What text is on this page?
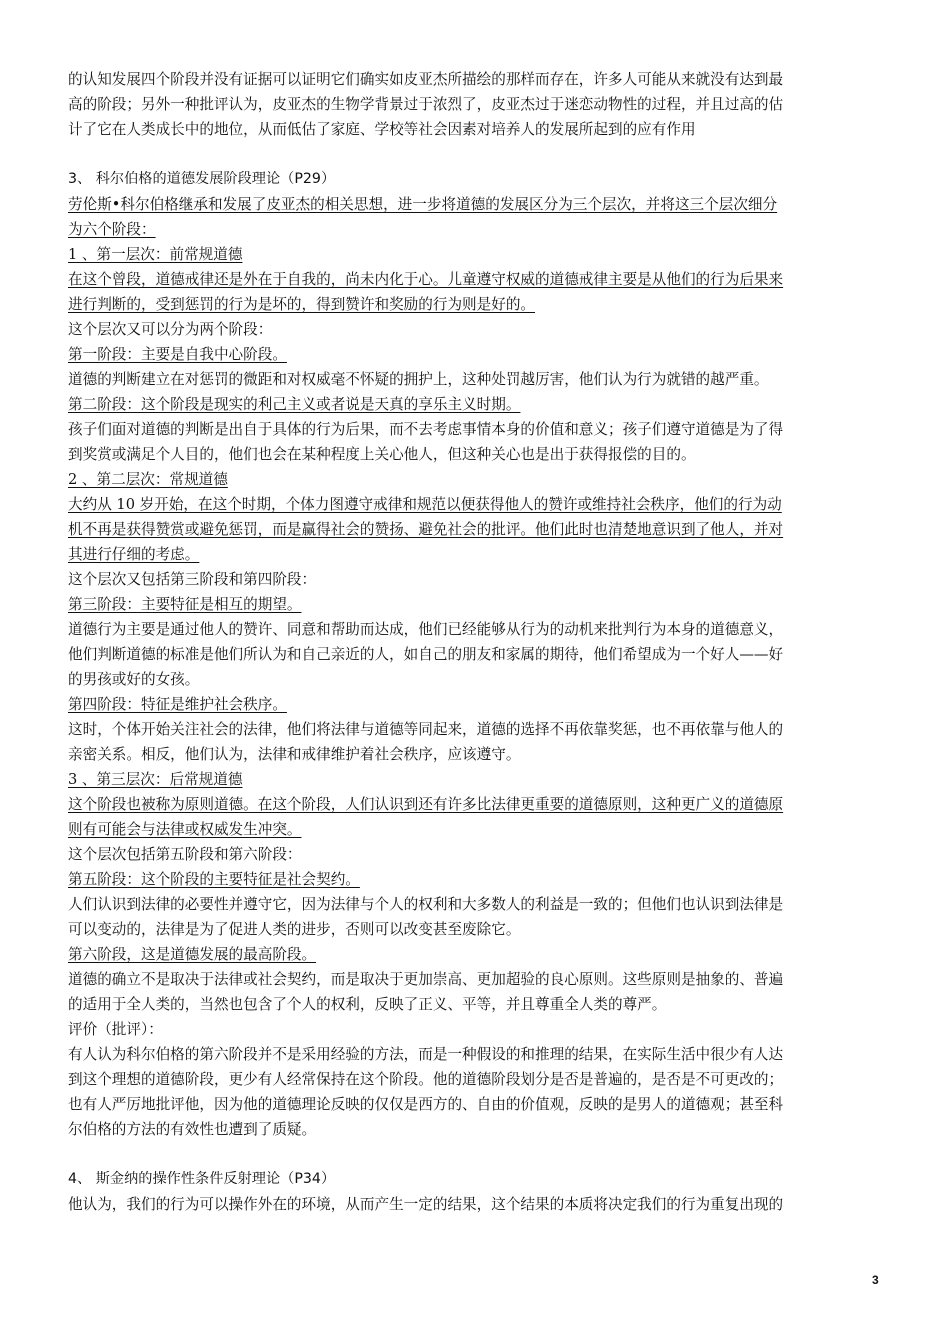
的认知发展四个阶段并没有证据可以证明它们确实如皮亚杰所描绘的那样而存在，许多人可能从来就没有达到最
高的阶段；另外一种批评认为，皮亚杰的生物学背景过于浓烈了，皮亚杰过于迷恋动物性的过程，并且过高的估
计了它在人类成长中的地位，从而低估了家庭、学校等社会因素对培养人的发展所起到的应有作用

3、 科尔伯格的道德发展阶段理论（P29）

劳伦斯•科尔伯格继承和发展了皮亚杰的相关思想，进一步将道德的发展区分为三个层次，并将这三个层次细分
为六个阶段：

1 、第一层次：前常规道德

在这个曾段，道德戒律还是外在于自我的，尚未内化于心。儿童遵守权威的道德戒律主要是从他们的行为后果来
进行判断的，受到惩罚的行为是坏的，得到赞许和奖励的行为则是好的。

这个层次又可以分为两个阶段：

第一阶段：主要是自我中心阶段。

道德的判断建立在对惩罚的微距和对权威毫不怀疑的拥护上，这种处罚越厉害，他们认为行为就错的越严重。

第二阶段：这个阶段是现实的利己主义或者说是天真的享乐主义时期。

孩子们面对道德的判断是出自于具体的行为后果，而不去考虑事情本身的价值和意义；孩子们遵守道德是为了得
到奖赏或满足个人目的，他们也会在某种程度上关心他人，但这种关心也是出于获得报偿的目的。

2 、第二层次：常规道德

大约从 10 岁开始，在这个时期，个体力图遵守戒律和规范以便获得他人的赞许或维持社会秩序，他们的行为动
机不再是获得赞赏或避免惩罚，而是赢得社会的赞扬、避免社会的批评。他们此时也清楚地意识到了他人，并对
其进行仔细的考虑。

这个层次又包括第三阶段和第四阶段：

第三阶段：主要特征是相互的期望。

道德行为主要是通过他人的赞许、同意和帮助而达成，他们已经能够从行为的动机来批判行为本身的道德意义，
他们判断道德的标准是他们所认为和自己亲近的人，如自己的朋友和家属的期待，他们希望成为一个好人——好
的男孩或好的女孩。

第四阶段：特征是维护社会秩序。

这时，个体开始关注社会的法律，他们将法律与道德等同起来，道德的选择不再依靠奖惩，也不再依靠与他人的
亲密关系。相反，他们认为，法律和戒律维护着社会秩序，应该遵守。

3 、第三层次：后常规道德

这个阶段也被称为原则道德。在这个阶段，人们认识到还有许多比法律更重要的道德原则，这种更广义的道德原
则有可能会与法律或权威发生冲突。

这个层次包括第五阶段和第六阶段：

第五阶段：这个阶段的主要特征是社会契约。

人们认识到法律的必要性并遵守它，因为法律与个人的权利和大多数人的利益是一致的；但他们也认识到法律是
可以变动的，法律是为了促进人类的进步，否则可以改变甚至废除它。

第六阶段，这是道德发展的最高阶段。

道德的确立不是取决于法律或社会契约，而是取决于更加崇高、更加超验的良心原则。这些原则是抽象的、普遍
的适用于全人类的，当然也包含了个人的权利，反映了正义、平等，并且尊重全人类的尊严。

评价（批评）：

有人认为科尔伯格的第六阶段并不是采用经验的方法，而是一种假设的和推理的结果，在实际生活中很少有人达
到这个理想的道德阶段，更少有人经常保持在这个阶段。他的道德阶段划分是否是普遍的，是否是不可更改的；
也有人严厉地批评他，因为他的道德理论反映的仅仅是西方的、自由的价值观，反映的是男人的道德观；甚至科
尔伯格的方法的有效性也遭到了质疑。

4、 斯金纳的操作性条件反射理论（P34）

他认为，我们的行为可以操作外在的环境，从而产生一定的结果，这个结果的本质将决定我们的行为重复出现的

3
